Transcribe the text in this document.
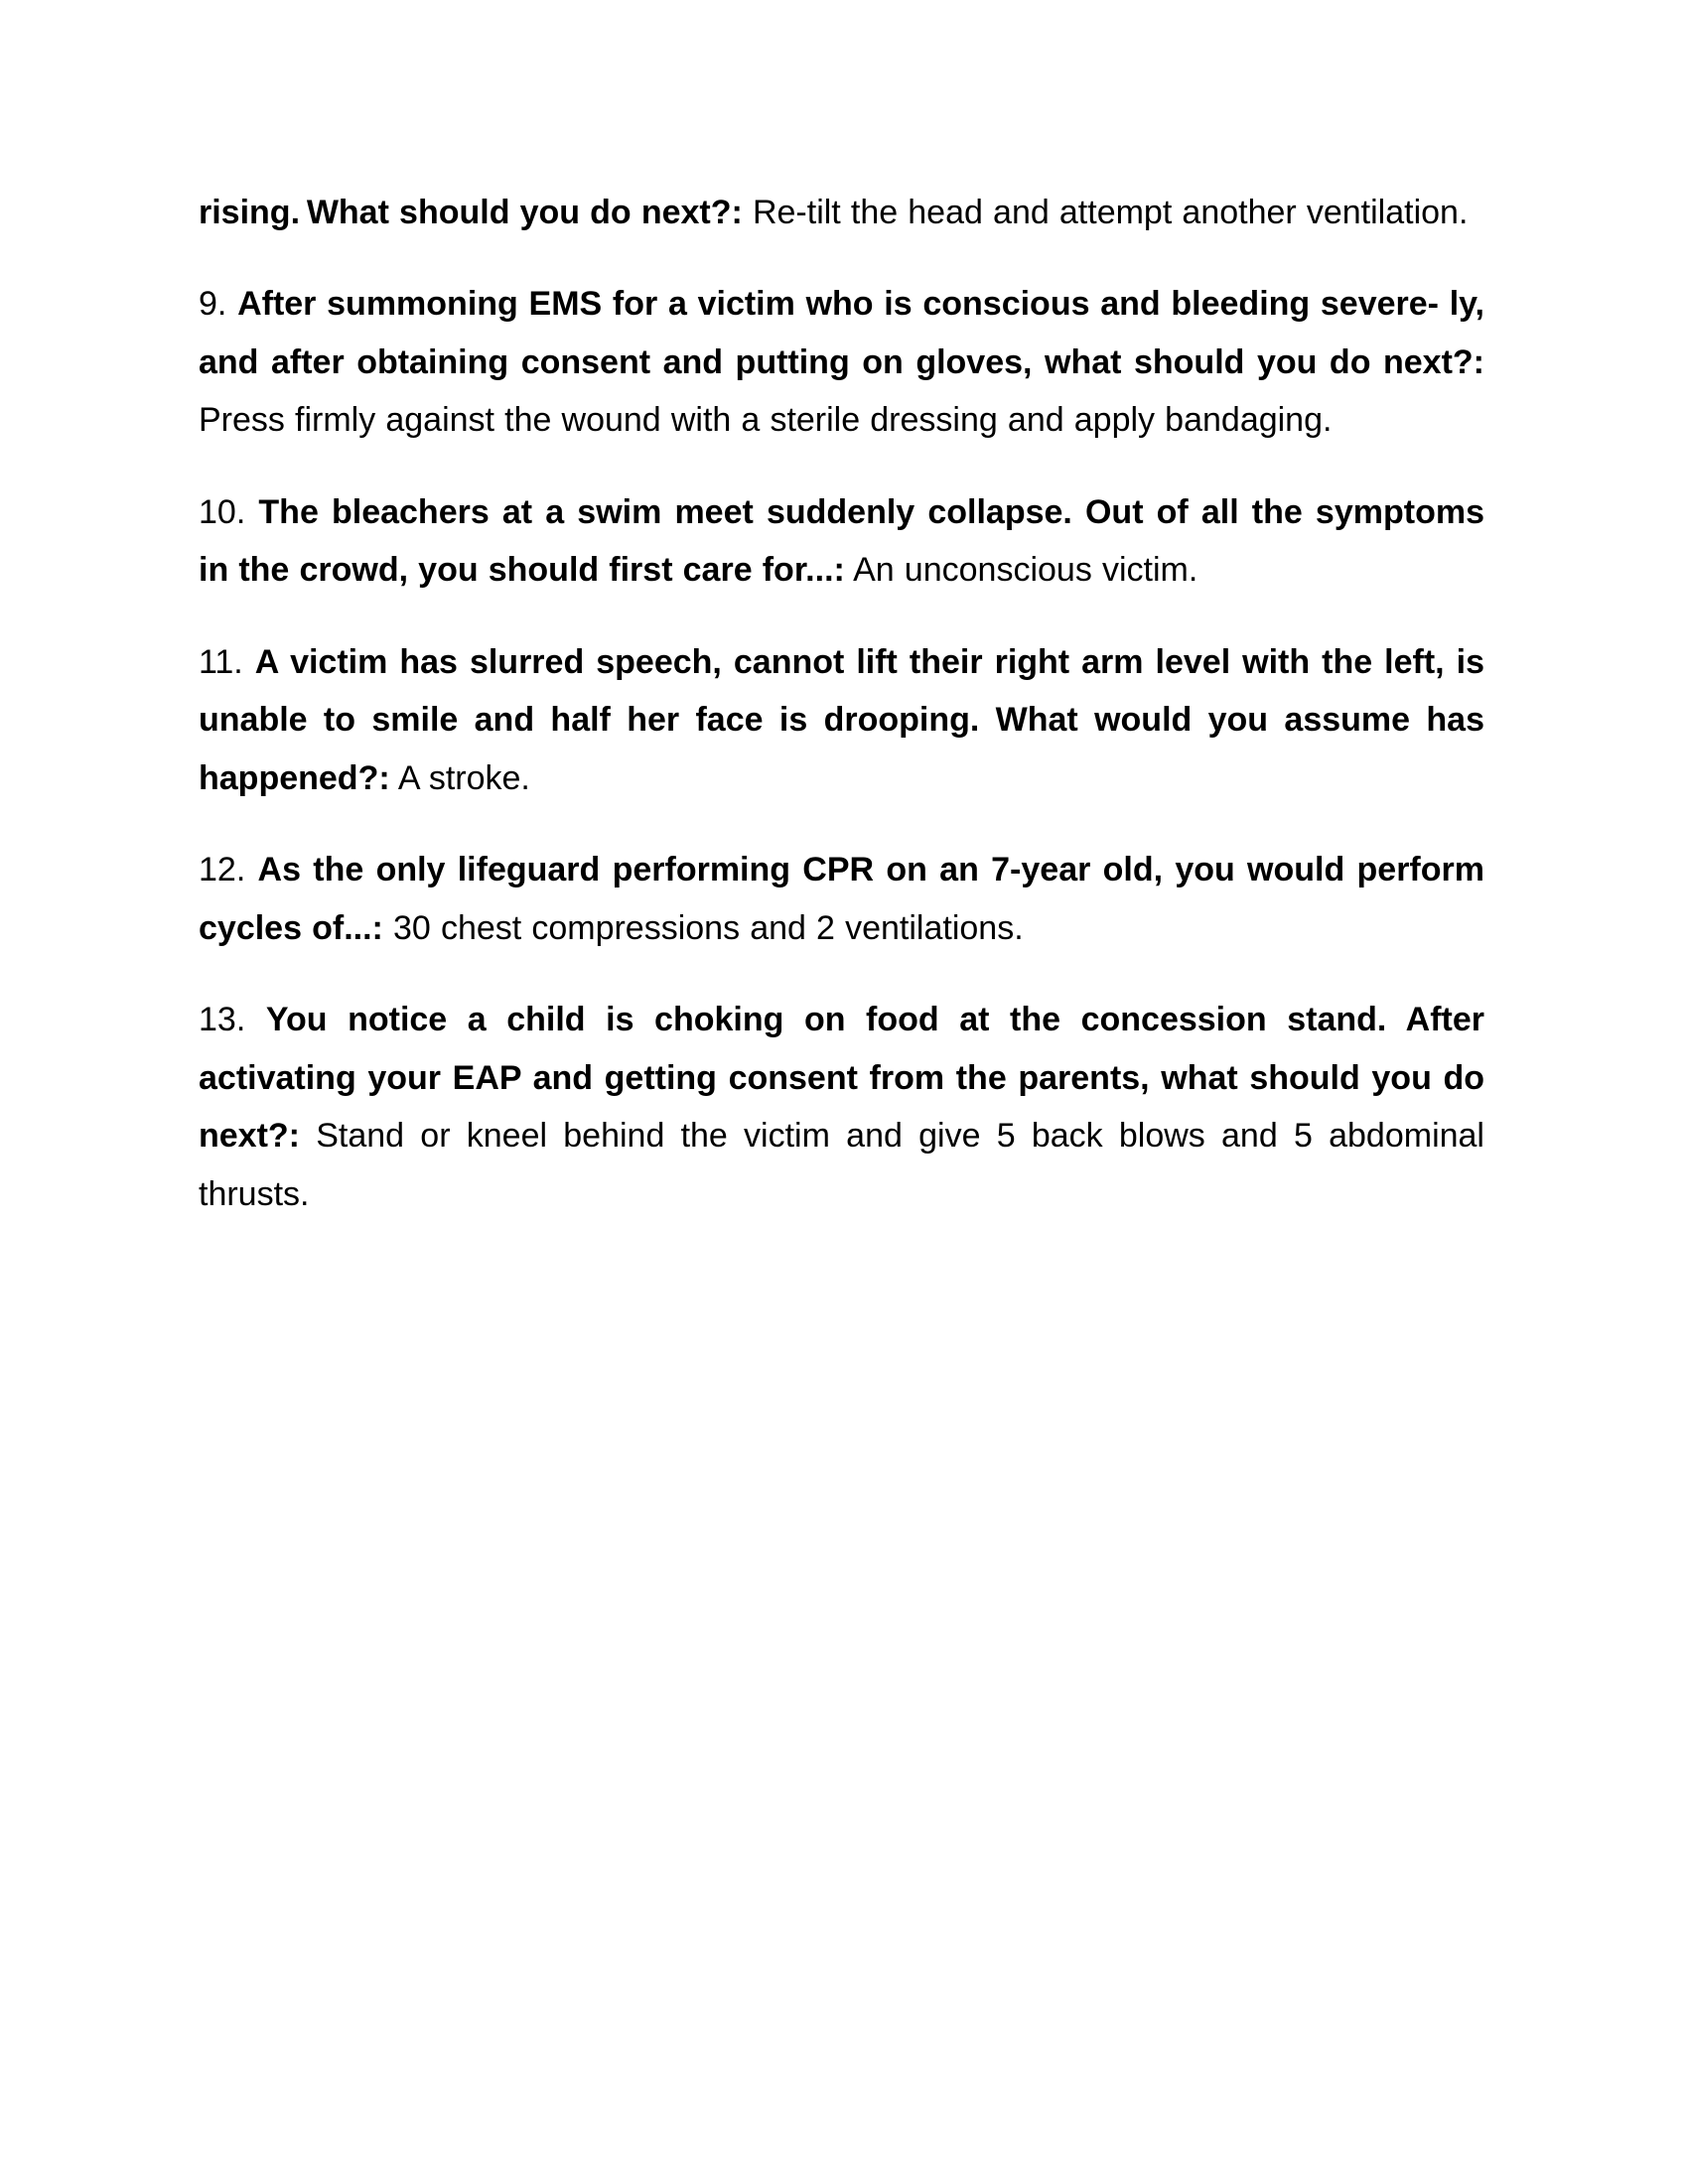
rising. What should you do next?: Re-tilt the head and attempt another ventilation.

9. After summoning EMS for a victim who is conscious and bleeding severe- ly, and after obtaining consent and putting on gloves, what should you do next?: Press firmly against the wound with a sterile dressing and apply bandaging.

10. The bleachers at a swim meet suddenly collapse. Out of all the symptoms in the crowd, you should first care for...: An unconscious victim.

11. A victim has slurred speech, cannot lift their right arm level with the left, is unable to smile and half her face is drooping. What would you assume has happened?: A stroke.

12. As the only lifeguard performing CPR on an 7-year old, you would perform cycles of...: 30 chest compressions and 2 ventilations.

13. You notice a child is choking on food at the concession stand. After activating your EAP and getting consent from the parents, what should you do next?: Stand or kneel behind the victim and give 5 back blows and 5 abdominal thrusts.
